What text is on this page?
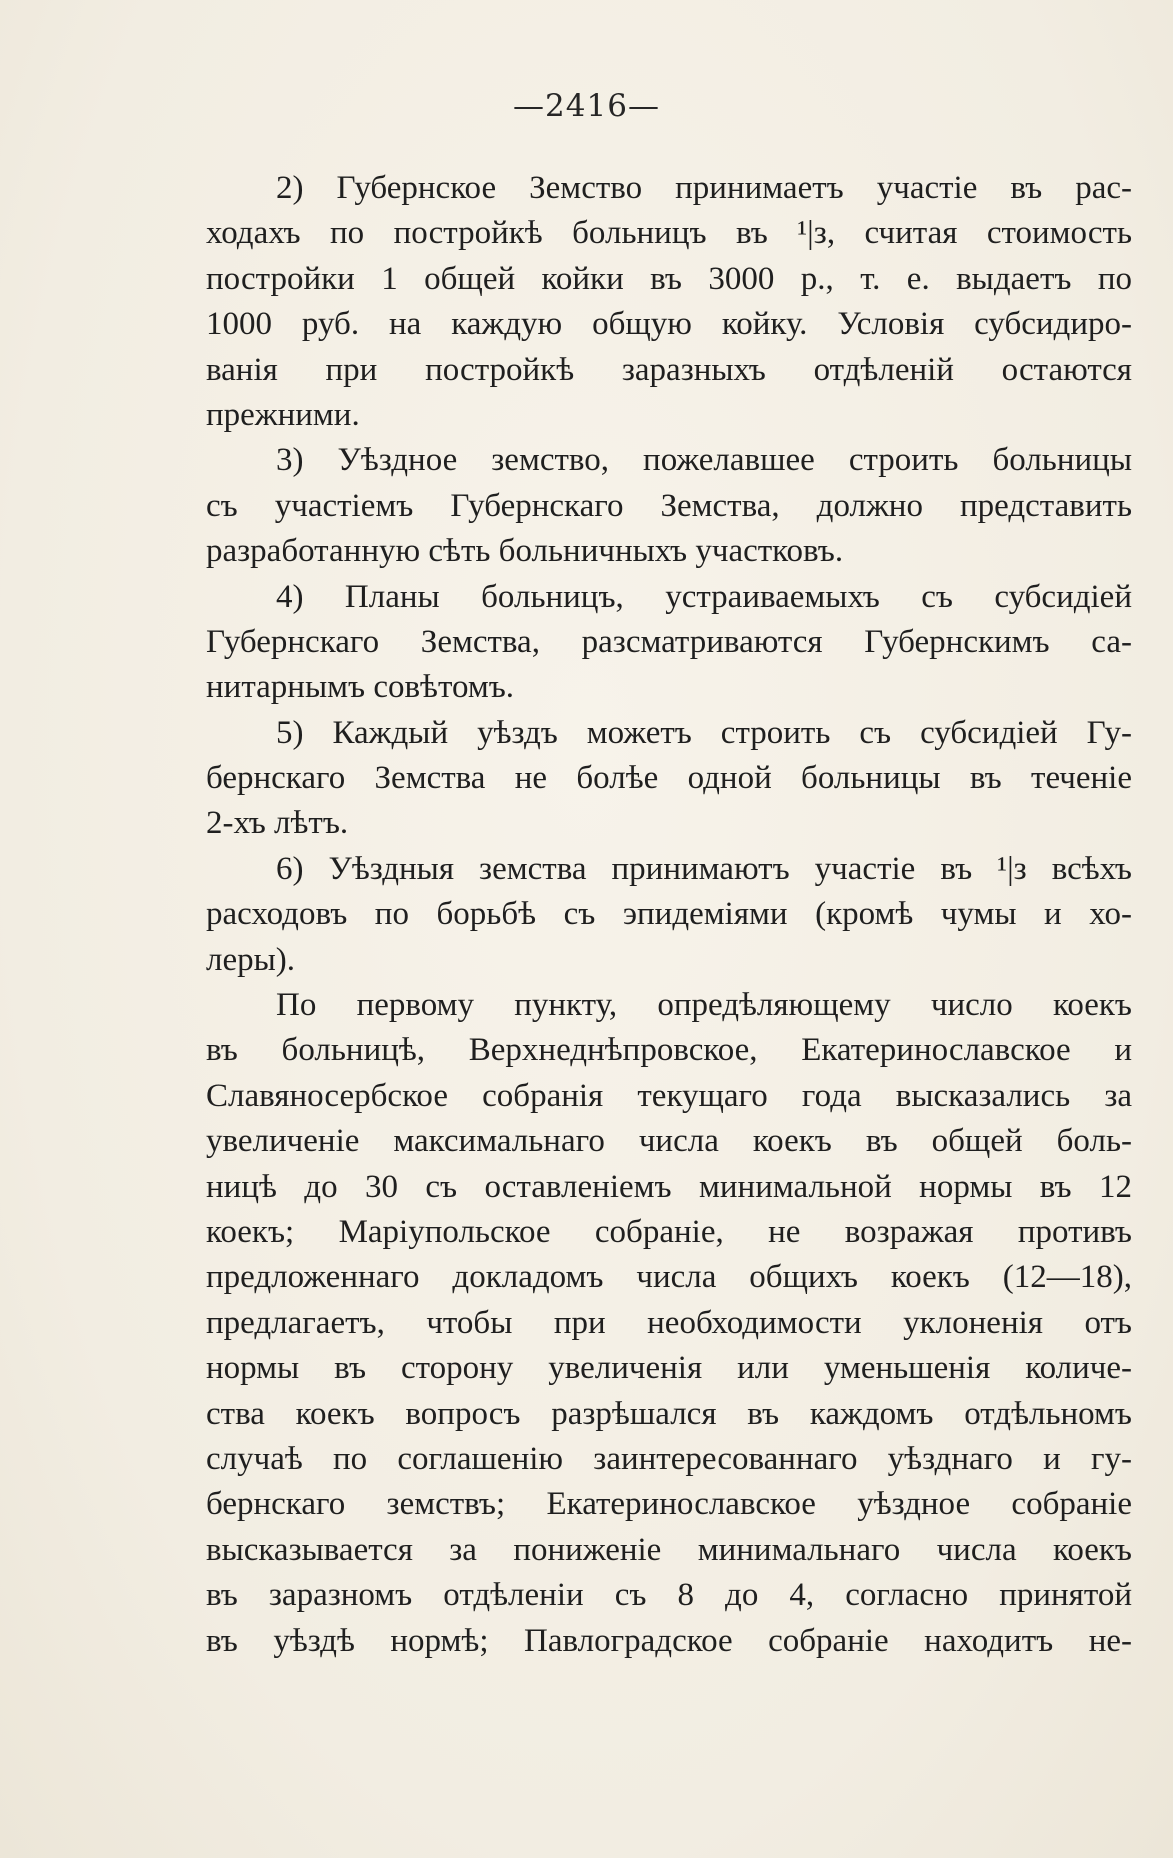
—2416—
2) Губернское Земство принимаетъ участіе въ рас-
ходахъ по постройкѣ больницъ въ ¹|з, считая стоимость
постройки 1 общей койки въ 3000 р., т. е. выдаетъ по
1000 руб. на каждую общую койку. Условія субсидиро-
ванія при постройкѣ заразныхъ отдѣленій остаются
прежними.
3) Уѣздное земство, пожелавшее строить больницы
съ участіемъ Губернскаго Земства, должно представить
разработанную сѣть больничныхъ участковъ.
4) Планы больницъ, устраиваемыхъ съ субсидіей
Губернскаго Земства, разсматриваются Губернскимъ са-
нитарнымъ совѣтомъ.
5) Каждый уѣздъ можетъ строить съ субсидіей Гу-
бернскаго Земства не болѣе одной больницы въ теченіе
2-хъ лѣтъ.
6) Уѣздныя земства принимаютъ участіе въ ¹|з всѣхъ
расходовъ по борьбѣ съ эпидеміями (кромѣ чумы и хо-
леры).
По первому пункту, опредѣляющему число коекъ
въ больницѣ, Верхнеднѣпровское, Екатеринославское и
Славяносербское собранія текущаго года высказались за
увеличеніе максимальнаго числа коекъ въ общей боль-
ницѣ до 30 съ оставленіемъ минимальной нормы въ 12
коекъ; Маріупольское собраніе, не возражая противъ
предложеннаго докладомъ числа общихъ коекъ (12—18),
предлагаетъ, чтобы при необходимости уклоненія отъ
нормы въ сторону увеличенія или уменьшенія количе-
ства коекъ вопросъ разрѣшался въ каждомъ отдѣльномъ
случаѣ по соглашенію заинтересованнаго уѣзднаго и гу-
бернскаго земствъ; Екатеринославское уѣздное собраніе
высказывается за пониженіе минимальнаго числа коекъ
въ заразномъ отдѣленіи съ 8 до 4, согласно принятой
въ уѣздѣ нормѣ; Павлоградское собраніе находитъ не-
